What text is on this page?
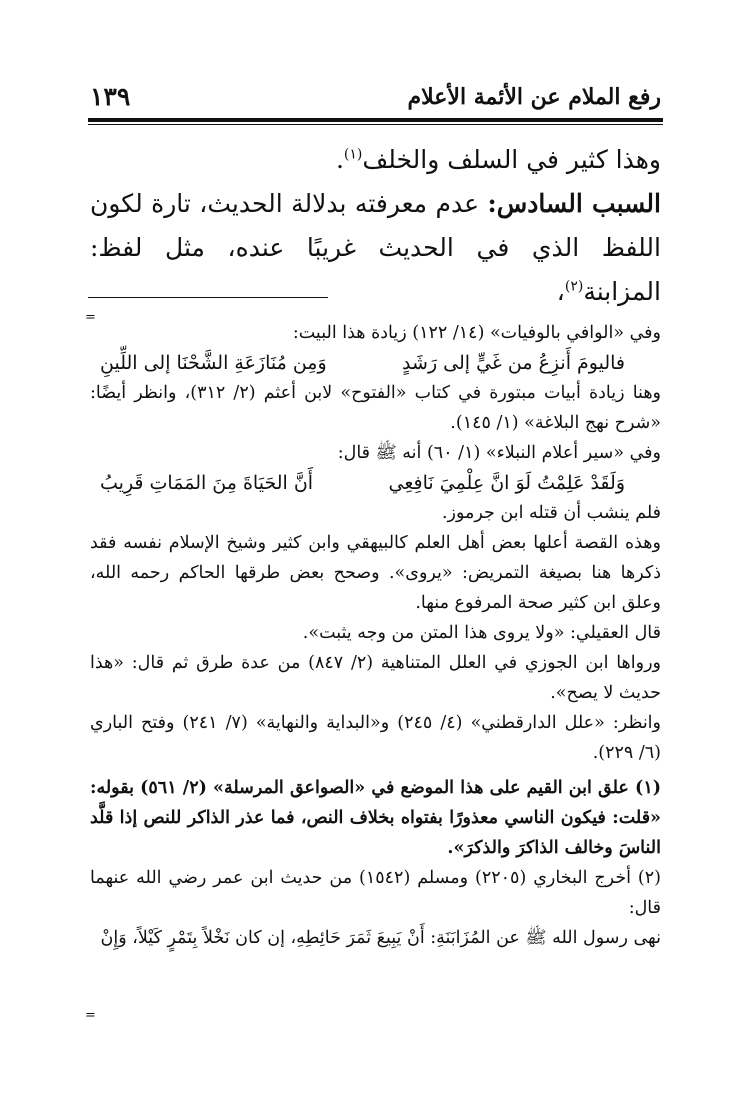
رفع الملام عن الأئمة الأعلام
١٣٩

وهذا كثير في السلف والخلف$^{(١)}$.

السبب السادس: عدم معرفته بدلالة الحديث، تارة لكون اللفظ الذي في الحديث غريبًا عنده، مثل لفظ: المزابنة$^{(٢)}$،

=

وفي «الوافي بالوفيات» (١٤/ ١٢٢) زيادة هذا البيت:

فاليومَ أَنزِعُ من غَيٍّ إلى رَشَدٍ
وَمِن مُنَازَعَةِ الشَّحْنَا إلى اللِّينِ

وهنا زيادة أبيات مبتورة في كتاب «الفتوح» لابن أعثم (٢/ ٣١٢)، وانظر أيضًا: «شرح نهج البلاغة» (١/ ١٤٥).

وفي «سير أعلام النبلاء» (١/ ٦٠) أنه ﷺ قال:

وَلَقَدْ عَلِمْتُ لَوَ انَّ عِلْمِيَ نَافِعِي
أَنَّ الحَيَاةَ مِنَ المَمَاتِ قَرِيبُ

فلم ينشب أن قتله ابن جرموز.

وهذه القصة أعلها بعض أهل العلم كالبيهقي وابن كثير وشيخ الإسلام نفسه فقد ذكرها هنا بصيغة التمريض: «يروى». وصحح بعض طرقها الحاكم رحمه الله، وعلق ابن كثير صحة المرفوع منها.

قال العقيلي: «ولا يروى هذا المتن من وجه يثبت».

ورواها ابن الجوزي في العلل المتناهية (٢/ ٨٤٧) من عدة طرق ثم قال: «هذا حديث لا يصح».

وانظر: «علل الدارقطني» (٤/ ٢٤٥) و«البداية والنهاية» (٧/ ٢٤١) وفتح الباري (٦/ ٢٢٩).

(١) علق ابن القيم على هذا الموضع في «الصواعق المرسلة» (٢/ ٥٦١) بقوله: «قلت: فيكون الناسي معذورًا بفتواه بخلاف النص، فما عذر الذاكر للنص إذا قلَّد الناسَ وخالف الذاكرَ والذكرَ».

(٢) أخرج البخاري (٢٢٠٥) ومسلم (١٥٤٢) من حديث ابن عمر رضي الله عنهما قال:

نهى رسول الله ﷺ عن المُزَابَنَةِ: أَنْ يَبِيعَ ثَمَرَ حَائِطِهِ، إن كان نَخْلاً بِتَمْرٍ كَيْلاً، وَإِنْ

=
